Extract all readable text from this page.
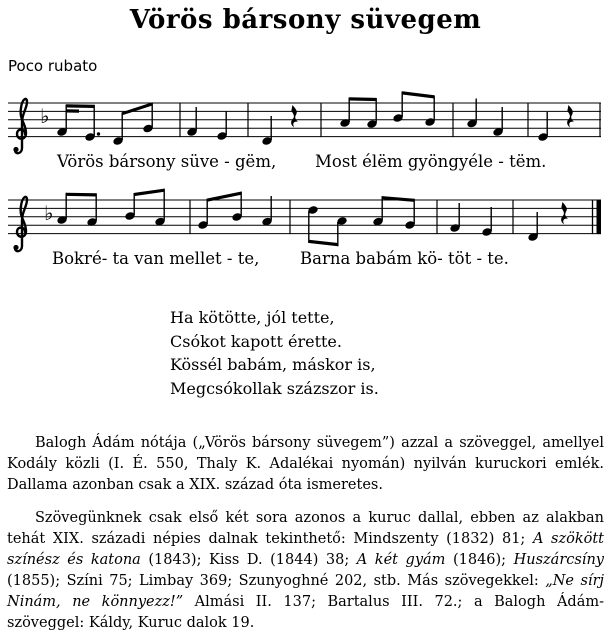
Vörös bársony süvegem
Poco rubato
♭
Vörös bársony süve - gëm, Most élëm gyöngyéle - tëm.
♭
Bokré- ta van mellet - te, Barna babám kö- töt - te.
Ha kötötte, jól tette,
Csókot kapott érette.
Kössél babám, máskor is,
Megcsókollak százszor is.

Balogh Ádám nótája („Vörös bársony süvegem”) azzal a szöveggel, amellyel Kodály közli (I. É. 550, Thaly K. Adalékai nyomán) nyilván kuruckori emlék. Dallama azonban csak a XIX. század óta ismeretes.

Szövegünknek csak első két sora azonos a kuruc dallal, ebben az alakban tehát XIX. századi népies dalnak tekinthető: Mindszenty (1832) 81; A szökött színész és katona (1843); Kiss D. (1844) 38; A két gyám (1846); Huszárcsíny (1855); Színi 75; Limbay 369; Szunyoghné 202, stb. Más szövegekkel: „Ne sírj Ninám, ne könnyezz!” Almási II. 137; Bartalus III. 72.; a Balogh Ádám-szöveggel: Káldy, Kuruc dalok 19.
